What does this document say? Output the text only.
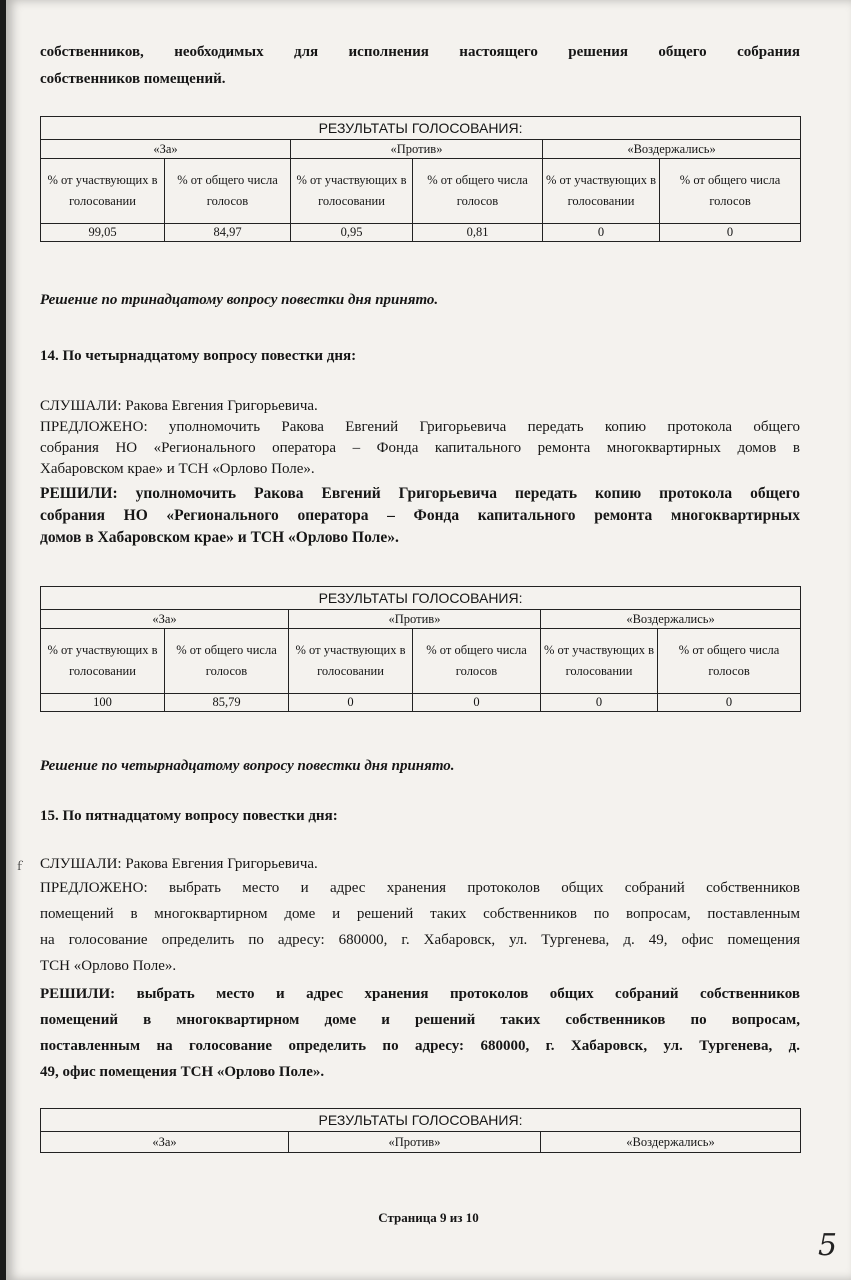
собственников, необходимых для исполнения настоящего решения общего собрания

собственников помещений.

РЕЗУЛЬТАТЫ ГОЛОСОВАНИЯ:					
«За»		«Против»		«Воздержались»	
% от участвующих в голосовании	% от общего числа голосов	% от участвующих в голосовании	% от общего числа голосов	% от участвующих в голосовании	% от общего числа голосов
99,05	84,97	0,95	0,81	0	0

Решение по тринадцатому вопросу повестки дня принято.

14. По четырнадцатому вопросу повестки дня:

СЛУШАЛИ: Ракова Евгения Григорьевича.

ПРЕДЛОЖЕНО: уполномочить Ракова Евгений Григорьевича передать копию протокола общего

собрания НО «Регионального оператора – Фонда капитального ремонта многоквартирных домов в

Хабаровском крае» и ТСН «Орлово Поле».

РЕШИЛИ: уполномочить Ракова Евгений Григорьевича передать копию протокола общего

собрания НО «Регионального оператора – Фонда капитального ремонта многоквартирных

домов в Хабаровском крае» и ТСН «Орлово Поле».

РЕЗУЛЬТАТЫ ГОЛОСОВАНИЯ:					
«За»		«Против»		«Воздержались»	
% от участвующих в голосовании	% от общего числа голосов	% от участвующих в голосовании	% от общего числа голосов	% от участвующих в голосовании	% от общего числа голосов
100	85,79	0	0	0	0

Решение по четырнадцатому вопросу повестки дня принято.

15. По пятнадцатому вопросу повестки дня:

ｆ СЛУШАЛИ: Ракова Евгения Григорьевича.

ПРЕДЛОЖЕНО: выбрать место и адрес хранения протоколов общих собраний собственников

помещений в многоквартирном доме и решений таких собственников по вопросам, поставленным

на голосование определить по адресу: 680000, г. Хабаровск, ул. Тургенева, д. 49, офис помещения

ТСН «Орлово Поле».

РЕШИЛИ: выбрать место и адрес хранения протоколов общих собраний собственников

помещений в многоквартирном доме и решений таких собственников по вопросам,

поставленным на голосование определить по адресу: 680000, г. Хабаровск, ул. Тургенева, д.

49, офис помещения ТСН «Орлово Поле».

РЕЗУЛЬТАТЫ ГОЛОСОВАНИЯ:
«За»	«Против»	«Воздержались»
Страница 9 из 10
5
